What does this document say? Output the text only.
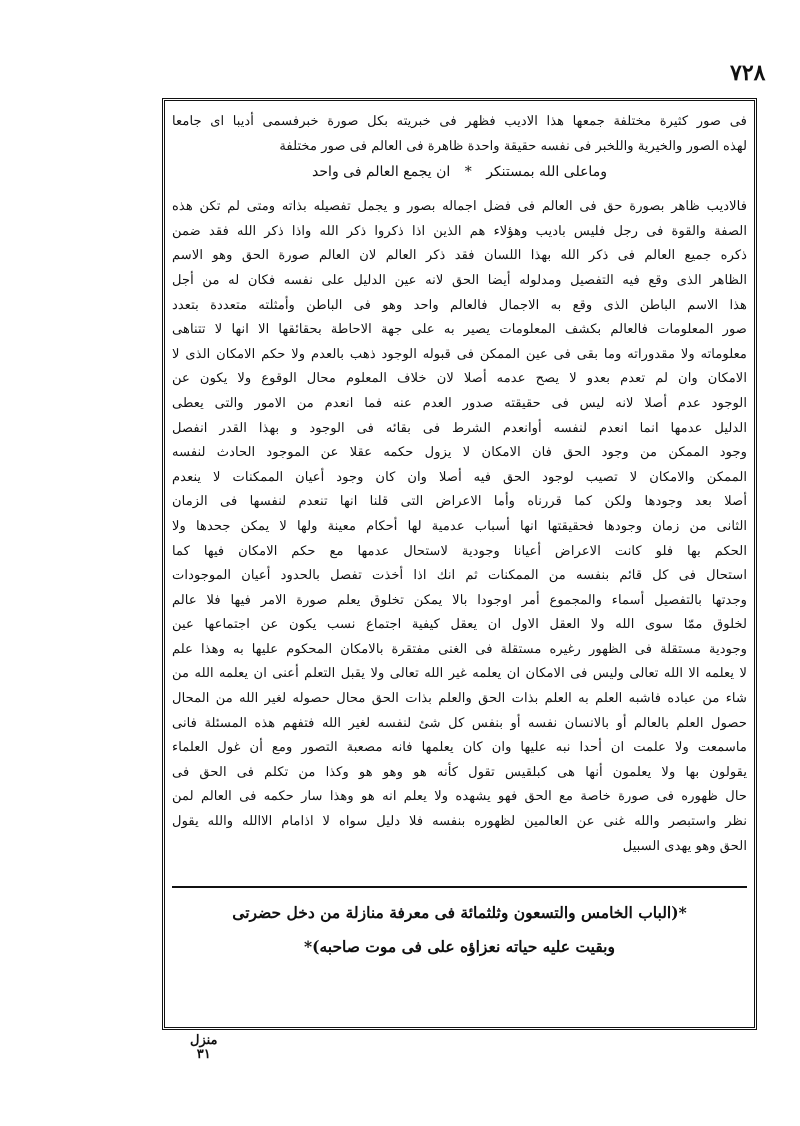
٧٢٨
فى صور كثيرة مختلفة جمعها هذا الاديب فظهر فى خبريته بكل صورة خبرفسمى أديبا اى جامعا
لهذه الصور والخيرية واللخبر فى نفسه حقيقة واحدة ظاهرة فى العالم فى صور مختلفة
وماعلى الله بمستنكر * ان يجمع العالم فى واحد
فالاديب ظاهر بصورة حق فى العالم فى فضل اجماله بصور و يجمل تفصيله بذاته ومتى لم تكن هذه
الصفة والقوة فى رجل فليس باديب وهؤلاء هم الذين اذا ذكروا ذكر الله واذا ذكر الله فقد ضمن
ذكره جميع العالم فى ذكر الله بهذا اللسان فقد ذكر العالم لان العالم صورة الحق وهو الاسم
الظاهر الذى وقع فيه التفصيل ومدلوله أيضا الحق لانه عين الدليل على نفسه فكان له من أجل
هذا الاسم الباطن الذى وقع به الاجمال فالعالم واحد وهو فى الباطن وأمثلته متعددة بتعدد
صور المعلومات فالعالم بكشف المعلومات يصير به على جهة الاحاطة بحقائقها الا انها لا تتناهى
معلوماته ولا مقدوراته وما بقى فى عين الممكن فى قبوله الوجود ذهب بالعدم ولا حكم الامكان الذى لا
الامكان وان لم تعدم بعدو لا يصح عدمه أصلا لان خلاف المعلوم محال الوقوع ولا يكون عن
الوجود عدم أصلا لانه ليس فى حقيقته صدور العدم عنه فما انعدم من الامور والتى يعطى
الدليل عدمها انما انعدم لنفسه أوانعدم الشرط فى بقائه فى الوجود و بهذا القدر انفصل
وجود الممكن من وجود الحق فان الامكان لا يزول حكمه عقلا عن الموجود الحادث لنفسه
الممكن والامكان لا تصيب لوجود الحق فيه أصلا وان كان وجود أعيان الممكنات لا ينعدم
أصلا بعد وجودها ولكن كما قررناه وأما الاعراض التى قلنا انها تنعدم لنفسها فى الزمان
الثانى من زمان وجودها فحقيقتها انها أسباب عدمية لها أحكام معينة ولها لا يمكن جحدها ولا
الحكم بها فلو كانت الاعراض أعيانا وجودية لاستحال عدمها مع حكم الامكان فيها كما
استحال فى كل قائم بنفسه من الممكنات ثم انك اذا أخذت تفصل بالحدود أعيان الموجودات
وجدتها بالتفصيل أسماء والمجموع أمر اوجودا بالا يمكن تخلوق يعلم صورة الامر فيها فلا عالم
لخلوق ممّا سوى الله ولا العقل الاول ان يعقل كيفية اجتماع نسب يكون عن اجتماعها عين
وجودية مستقلة فى الظهور رغيره مستقلة فى الغنى مفتقرة بالامكان المحكوم عليها به وهذا علم
لا يعلمه الا الله تعالى وليس فى الامكان ان يعلمه غير الله تعالى ولا يقبل التعلم أعنى ان يعلمه الله من
شاء من عباده فاشبه العلم به العلم بذات الحق والعلم بذات الحق محال حصوله لغير الله من المحال
حصول العلم بالعالم أو بالانسان نفسه أو بنفس كل شئ لنفسه لغير الله فتفهم هذه المسئلة فانى
ماسمعت ولا علمت ان أحدا نبه عليها وان كان يعلمها فانه مصعبة التصور ومع أن غول العلماء
يقولون بها ولا يعلمون أنها هى كبلقيس تقول كأنه هو وهو هو وكذا من تكلم فى الحق فى
حال ظهوره فى صورة خاصة مع الحق فهو يشهده ولا يعلم انه هو وهذا سار حكمه فى العالم لمن
نظر واستبصر والله غنى عن العالمين لظهوره بنفسه فلا دليل سواه لا اذامام الاالله والله يقول
الحق وهو يهدى السبيل
*(الباب الخامس والتسعون وثلثمائة فى معرفة منازلة من دخل حضرتى
وبقيت عليه حياته نعزاؤه على فى موت صاحبه)*
منزل
٣١
